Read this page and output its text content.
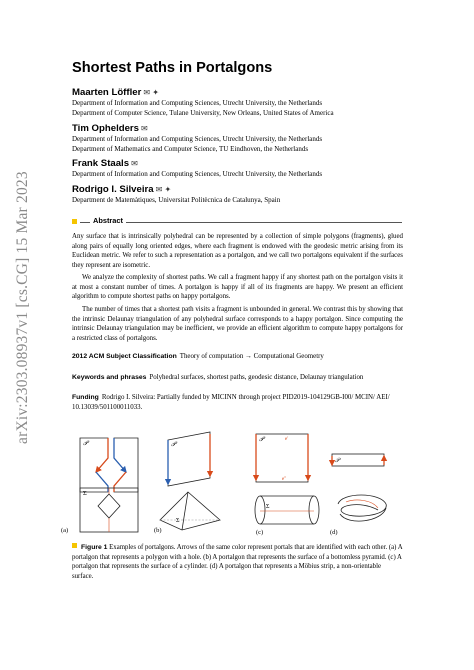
arXiv:2303.08937v1 [cs.CG] 15 Mar 2023
Shortest Paths in Portalgons
Maarten Löffler ✉ ✦
Department of Information and Computing Sciences, Utrecht University, the Netherlands
Department of Computer Science, Tulane University, New Orleans, United States of America
Tim Ophelders ✉
Department of Information and Computing Sciences, Utrecht University, the Netherlands
Department of Mathematics and Computer Science, TU Eindhoven, the Netherlands
Frank Staals ✉
Department of Information and Computing Sciences, Utrecht University, the Netherlands
Rodrigo I. Silveira ✉ ✦
Department de Matemàtiques, Universitat Politècnica de Catalunya, Spain
Abstract
Any surface that is intrinsically polyhedral can be represented by a collection of simple polygons (fragments), glued along pairs of equally long oriented edges, where each fragment is endowed with the geodesic metric arising from its Euclidean metric. We refer to such a representation as a portalgon, and we call two portalgons equivalent if the surfaces they represent are isometric.
We analyze the complexity of shortest paths. We call a fragment happy if any shortest path on the portalgon visits it at most a constant number of times. A portalgon is happy if all of its fragments are happy. We present an efficient algorithm to compute shortest paths on happy portalgons.
The number of times that a shortest path visits a fragment is unbounded in general. We contrast this by showing that the intrinsic Delaunay triangulation of any polyhedral surface corresponds to a happy portalgon. Since computing the intrinsic Delaunay triangulation may be inefficient, we provide an efficient algorithm to compute happy portalgons for a restricted class of portalgons.
2012 ACM Subject Classification Theory of computation → Computational Geometry
Keywords and phrases Polyhedral surfaces, shortest paths, geodesic distance, Delaunay triangulation
Funding Rodrigo I. Silveira: Partially funded by MICINN through project PID2019-104129GB-I00/ MCIN/ AEI/ 10.13039/501100011033.
𝒫
Σ
(a)
𝒫
Σ
(b)
𝒫	e′
e″
Σ
(c)
𝒫
(d)
Figure 1 Examples of portalgons. Arrows of the same color represent portals that are identified with each other. (a) A portalgon that represents a polygon with a hole. (b) A portalgon that represents the surface of a bottomless pyramid. (c) A portalgon that represents the surface of a cylinder. (d) A portalgon that represents a Möbius strip, a non-orientable surface.
